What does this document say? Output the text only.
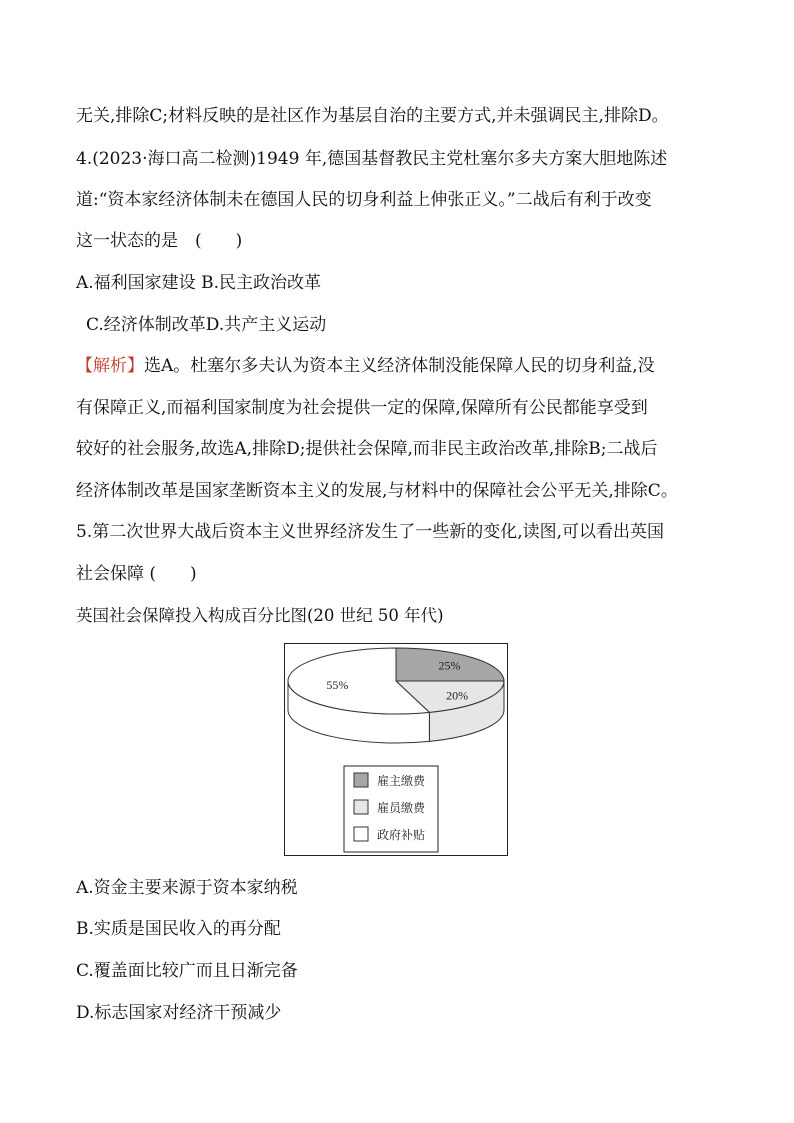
无关,排除C;材料反映的是社区作为基层自治的主要方式,并未强调民主,排除D。
4.(2023·海口高二检测)1949 年,德国基督教民主党杜塞尔多夫方案大胆地陈述
道:“资本家经济体制未在德国人民的切身利益上伸张正义。”二战后有利于改变
这一状态的是　(　　)
A.福利国家建设 B.民主政治改革
C.经济体制改革D.共产主义运动
【解析】选A。杜塞尔多夫认为资本主义经济体制没能保障人民的切身利益,没
有保障正义,而福利国家制度为社会提供一定的保障,保障所有公民都能享受到
较好的社会服务,故选A,排除D;提供社会保障,而非民主政治改革,排除B;二战后
经济体制改革是国家垄断资本主义的发展,与材料中的保障社会公平无关,排除C。
5.第二次世界大战后资本主义世界经济发生了一些新的变化,读图,可以看出英国
社会保障 (　　)
英国社会保障投入构成百分比图(20 世纪 50 年代)
25%
20%
55%
雇主缴费
雇员缴费
政府补贴
A.资金主要来源于资本家纳税
B.实质是国民收入的再分配
C.覆盖面比较广而且日渐完备
D.标志国家对经济干预减少
